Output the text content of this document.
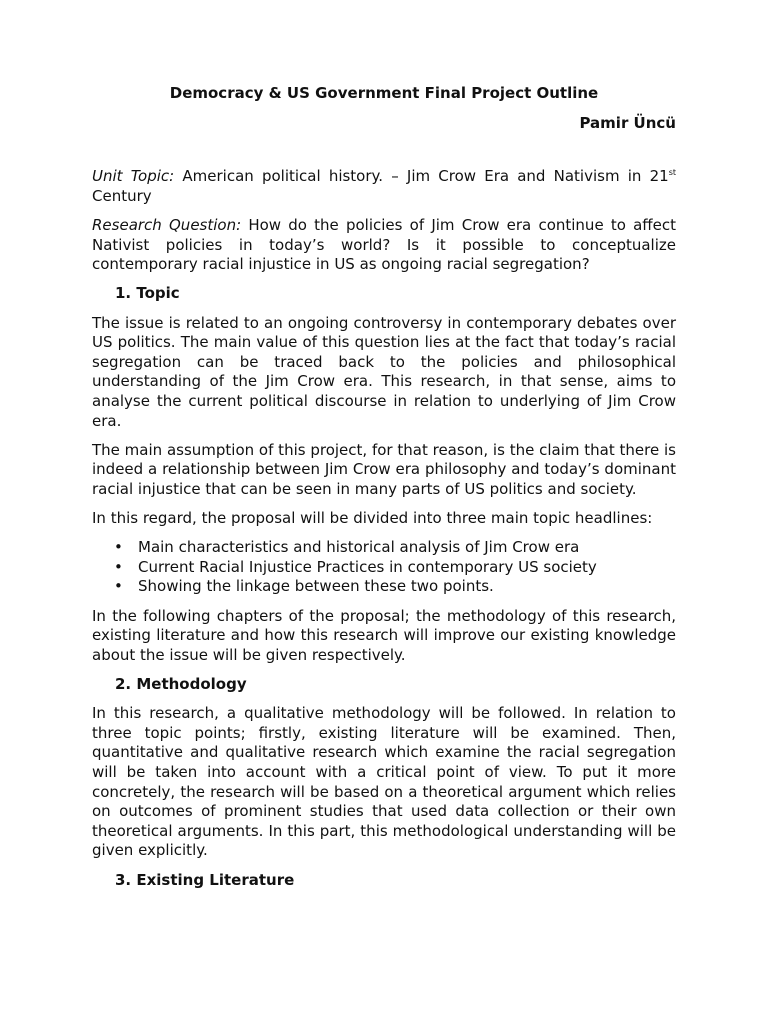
Democracy & US Government Final Project Outline
Pamir Üncü

Unit Topic: American political history. – Jim Crow Era and Nativism in 21st Century

Research Question: How do the policies of Jim Crow era continue to affect Nativist policies in today’s world? Is it possible to conceptualize contemporary racial injustice in US as ongoing racial segregation?

1. Topic

The issue is related to an ongoing controversy in contemporary debates over US politics. The main value of this question lies at the fact that today’s racial segregation can be traced back to the policies and philosophical understanding of the Jim Crow era. This research, in that sense, aims to analyse the current political discourse in relation to underlying of Jim Crow era.

The main assumption of this project, for that reason, is the claim that there is indeed a relationship between Jim Crow era philosophy and today’s dominant racial injustice that can be seen in many parts of US politics and society.

In this regard, the proposal will be divided into three main topic headlines:

• Main characteristics and historical analysis of Jim Crow era
• Current Racial Injustice Practices in contemporary US society
• Showing the linkage between these two points.

In the following chapters of the proposal; the methodology of this research, existing literature and how this research will improve our existing knowledge about the issue will be given respectively.

2. Methodology

In this research, a qualitative methodology will be followed. In relation to three topic points; firstly, existing literature will be examined. Then, quantitative and qualitative research which examine the racial segregation will be taken into account with a critical point of view. To put it more concretely, the research will be based on a theoretical argument which relies on outcomes of prominent studies that used data collection or their own theoretical arguments. In this part, this methodological understanding will be given explicitly.

3. Existing Literature
